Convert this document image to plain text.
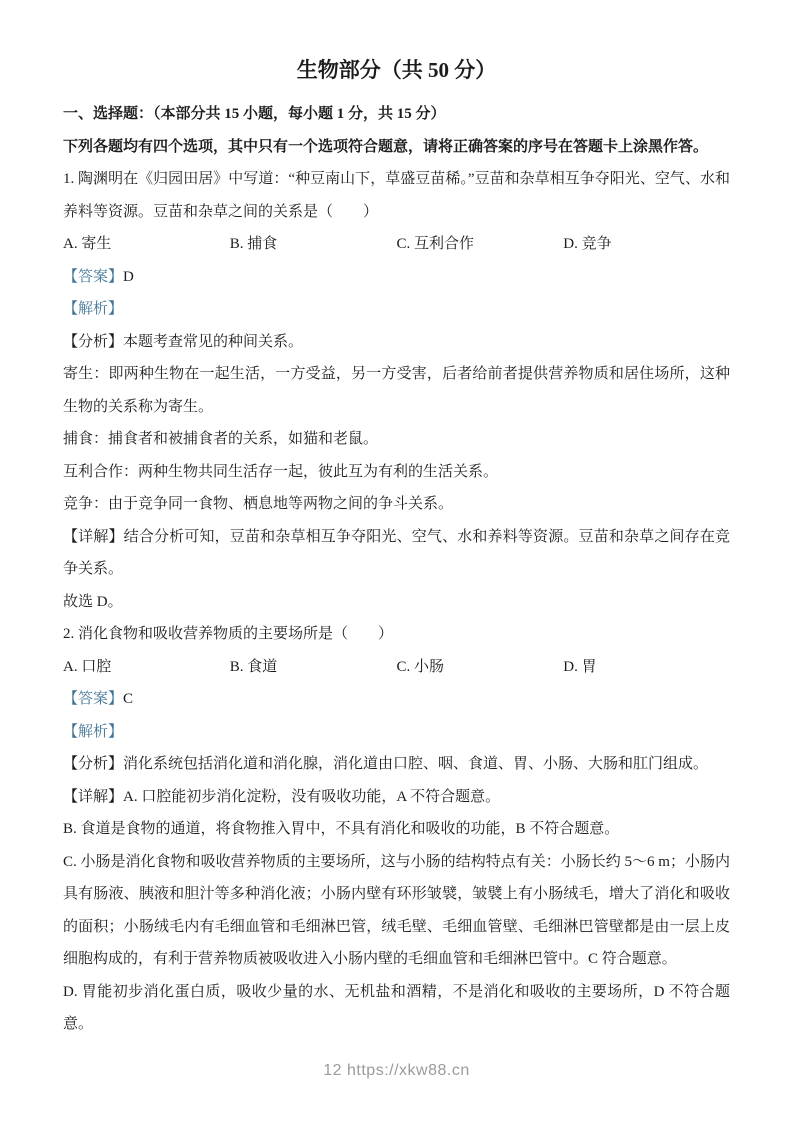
生物部分（共 50 分）

一、选择题：（本部分共 15 小题，每小题 1 分，共 15 分）

下列各题均有四个选项，其中只有一个选项符合题意，请将正确答案的序号在答题卡上涂黑作答。

1. 陶渊明在《归园田居》中写道：“种豆南山下，草盛豆苗稀。”豆苗和杂草相互争夺阳光、空气、水和养料等资源。豆苗和杂草之间的关系是（　　）

A. 寄生	B. 捕食	C. 互利合作	D. 竞争

【答案】D

【解析】

【分析】本题考查常见的种间关系。

寄生：即两种生物在一起生活，一方受益，另一方受害，后者给前者提供营养物质和居住场所，这种生物的关系称为寄生。

捕食：捕食者和被捕食者的关系，如猫和老鼠。

互利合作：两种生物共同生活存一起，彼此互为有利的生活关系。

竞争：由于竞争同一食物、栖息地等两物之间的争斗关系。

【详解】结合分析可知，豆苗和杂草相互争夺阳光、空气、水和养料等资源。豆苗和杂草之间存在竞争关系。

故选 D。

2. 消化食物和吸收营养物质的主要场所是（　　）

A. 口腔	B. 食道	C. 小肠	D. 胃

【答案】C

【解析】

【分析】消化系统包括消化道和消化腺，消化道由口腔、咽、食道、胃、小肠、大肠和肛门组成。

【详解】A. 口腔能初步消化淀粉，没有吸收功能，A 不符合题意。

B. 食道是食物的通道，将食物推入胃中，不具有消化和吸收的功能，B 不符合题意。

C. 小肠是消化食物和吸收营养物质的主要场所，这与小肠的结构特点有关：小肠长约 5～6 m；小肠内具有肠液、胰液和胆汁等多种消化液；小肠内壁有环形皱襞，皱襞上有小肠绒毛，增大了消化和吸收的面积；小肠绒毛内有毛细血管和毛细淋巴管，绒毛壁、毛细血管壁、毛细淋巴管壁都是由一层上皮细胞构成的，有利于营养物质被吸收进入小肠内壁的毛细血管和毛细淋巴管中。C 符合题意。

D. 胃能初步消化蛋白质，吸收少量的水、无机盐和酒精，不是消化和吸收的主要场所，D 不符合题意。

12 https://xkw88.cn
